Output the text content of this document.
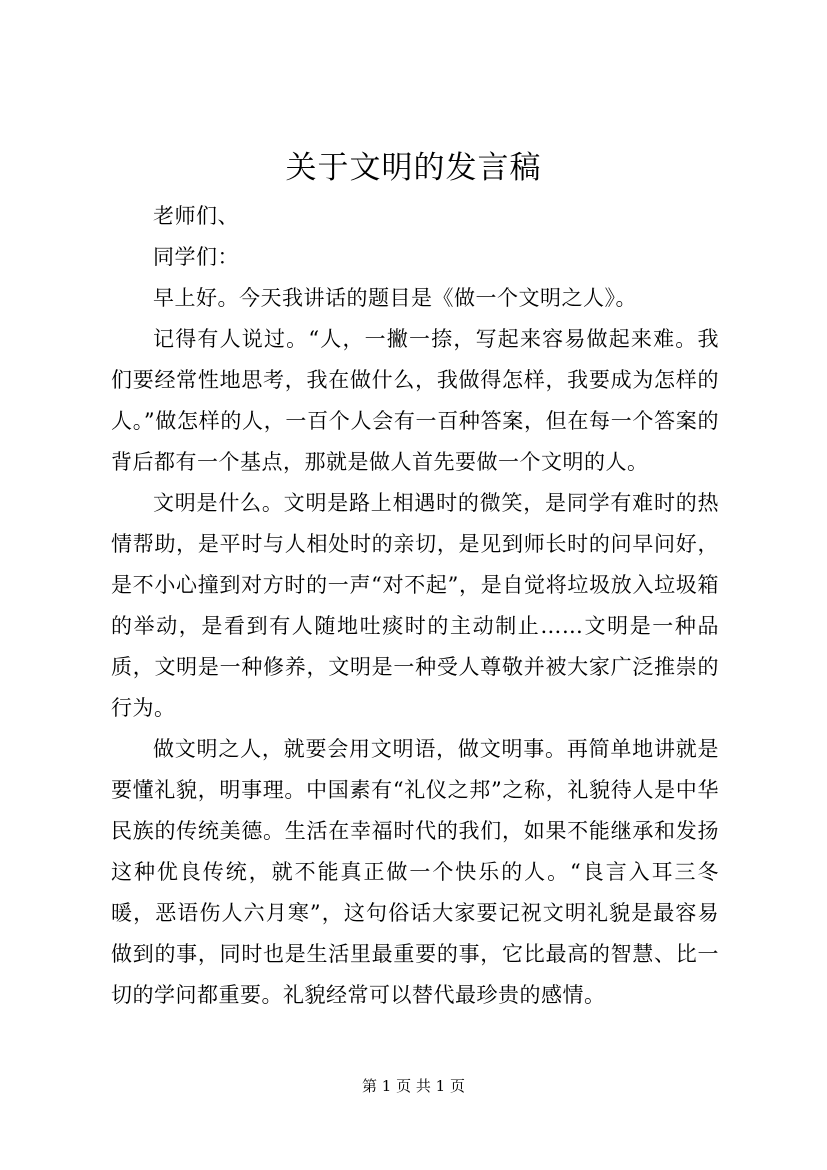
关于文明的发言稿

老师们、

同学们：

早上好。今天我讲话的题目是《做一个文明之人》。

记得有人说过。“人，一撇一捺，写起来容易做起来难。我们要经常性地思考，我在做什么，我做得怎样，我要成为怎样的人。”做怎样的人，一百个人会有一百种答案，但在每一个答案的背后都有一个基点，那就是做人首先要做一个文明的人。

文明是什么。文明是路上相遇时的微笑，是同学有难时的热情帮助，是平时与人相处时的亲切，是见到师长时的问早问好，是不小心撞到对方时的一声“对不起”，是自觉将垃圾放入垃圾箱的举动，是看到有人随地吐痰时的主动制止……文明是一种品质，文明是一种修养，文明是一种受人尊敬并被大家广泛推崇的行为。

做文明之人，就要会用文明语，做文明事。再简单地讲就是要懂礼貌，明事理。中国素有“礼仪之邦”之称，礼貌待人是中华民族的传统美德。生活在幸福时代的我们，如果不能继承和发扬这种优良传统，就不能真正做一个快乐的人。“良言入耳三冬暖，恶语伤人六月寒”，这句俗话大家要记祝文明礼貌是最容易做到的事，同时也是生活里最重要的事，它比最高的智慧、比一切的学问都重要。礼貌经常可以替代最珍贵的感情。

第 1 页 共 1 页
